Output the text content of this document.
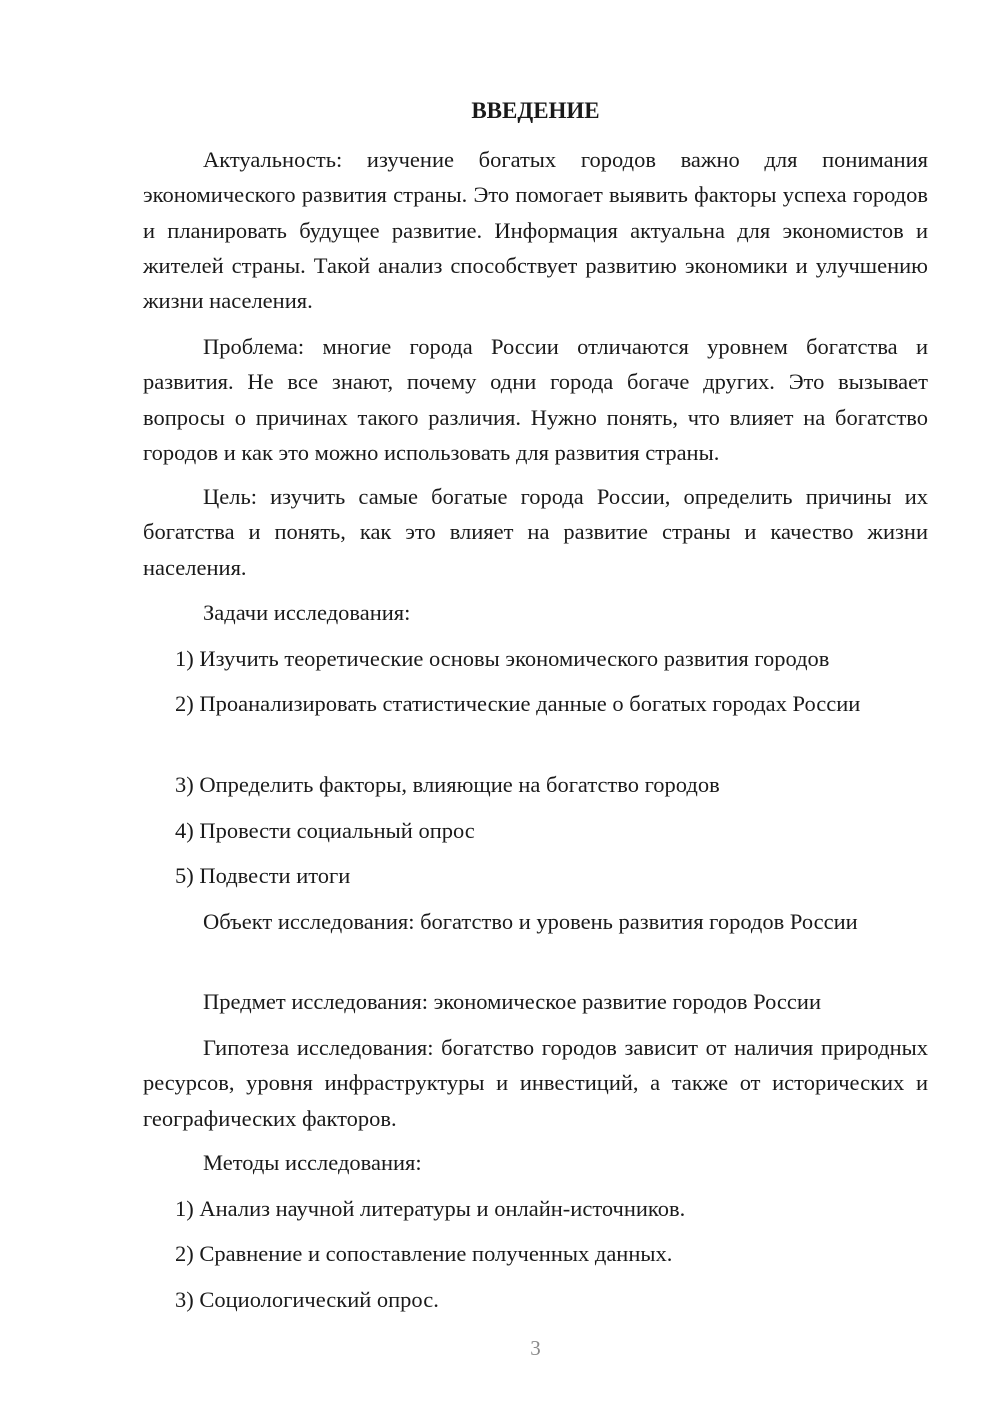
ВВЕДЕНИЕ

Актуальность: изучение богатых городов важно для понимания экономического развития страны. Это помогает выявить факторы успеха городов и планировать будущее развитие. Информация актуальна для экономистов и жителей страны. Такой анализ способствует развитию экономики и улучшению жизни населения.

Проблема: многие города России отличаются уровнем богатства и развития. Не все знают, почему одни города богаче других. Это вызывает вопросы о причинах такого различия. Нужно понять, что влияет на богатство городов и как это можно использовать для развития страны.

Цель: изучить самые богатые города России, определить причины их богатства и понять, как это влияет на развитие страны и качество жизни населения.

Задачи исследования:

1) Изучить теоретические основы экономического развития городов

2) Проанализировать статистические данные о богатых городах России

3) Определить факторы, влияющие на богатство городов

4) Провести социальный опрос

5) Подвести итоги

Объект исследования: богатство и уровень развития городов России

Предмет исследования: экономическое развитие городов России

Гипотеза исследования: богатство городов зависит от наличия природных ресурсов, уровня инфраструктуры и инвестиций, а также от исторических и географических факторов.

Методы исследования:

1) Анализ научной литературы и онлайн-источников.

2) Сравнение и сопоставление полученных данных.

3) Социологический опрос.

3
